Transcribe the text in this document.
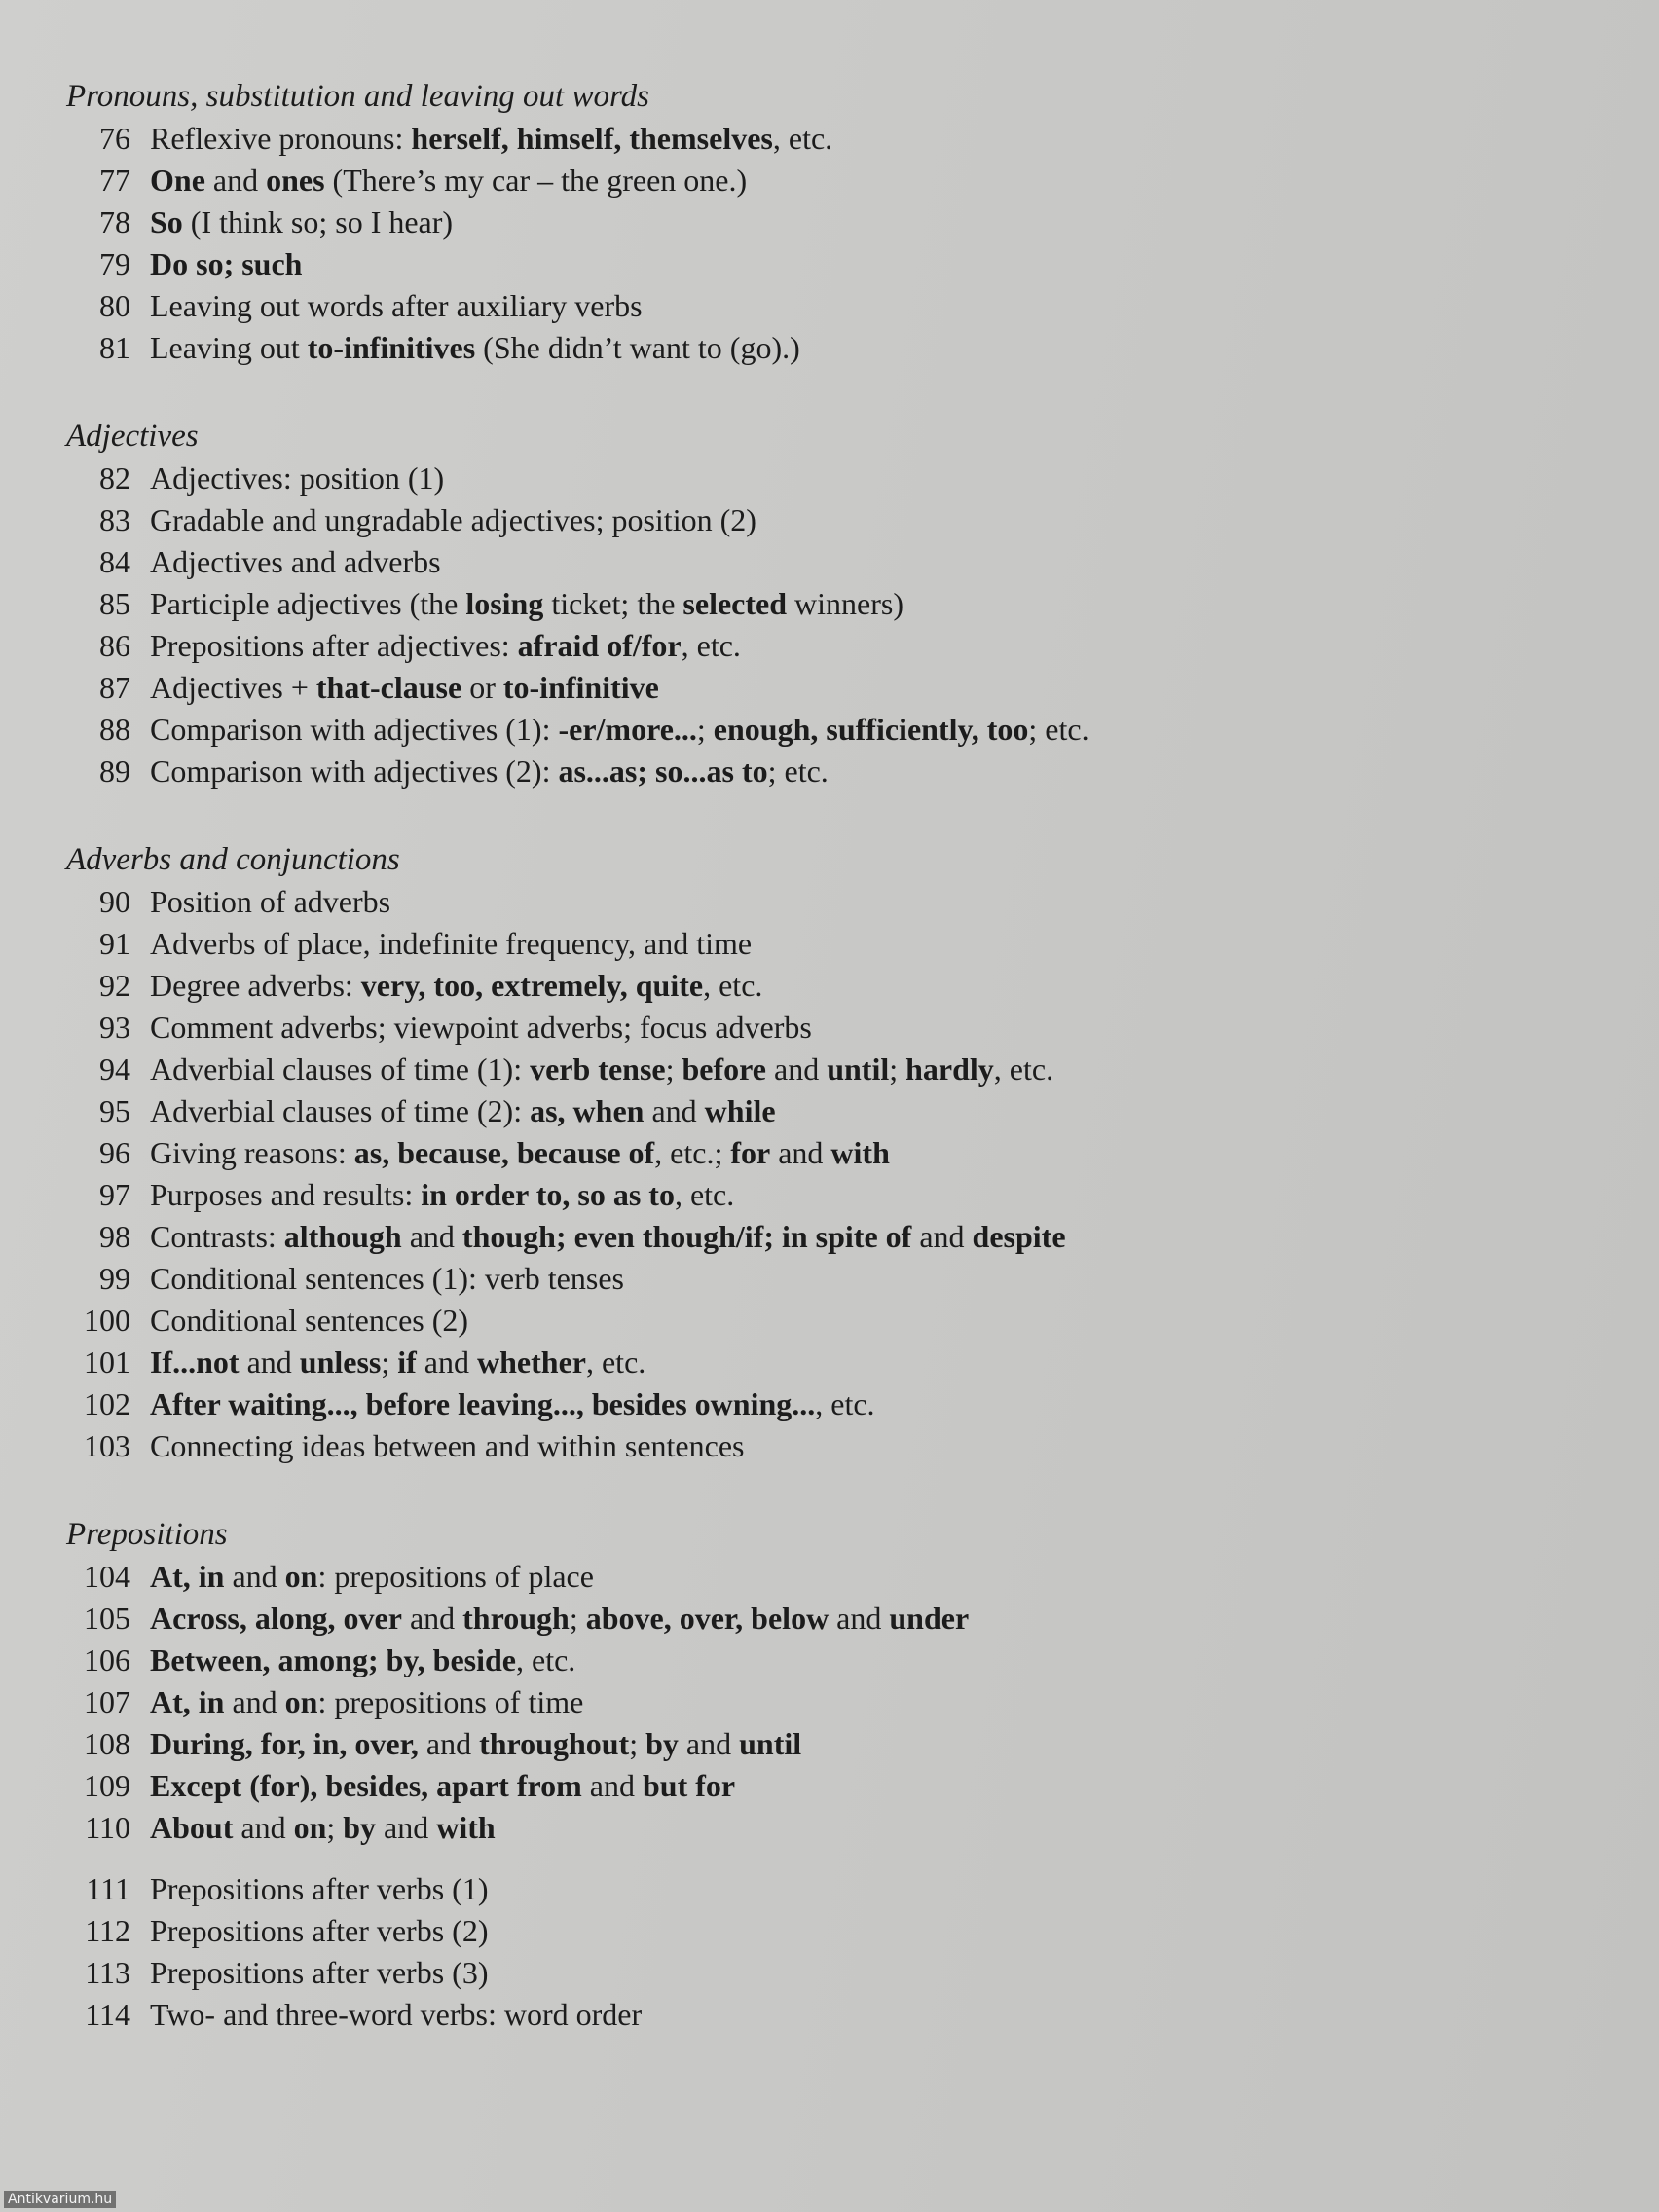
Pronouns, substitution and leaving out words
76 Reflexive pronouns: herself, himself, themselves, etc.
77 One and ones (There’s my car – the green one.)
78 So (I think so; so I hear)
79 Do so; such
80 Leaving out words after auxiliary verbs
81 Leaving out to-infinitives (She didn’t want to (go).)
Adjectives
82 Adjectives: position (1)
83 Gradable and ungradable adjectives; position (2)
84 Adjectives and adverbs
85 Participle adjectives (the losing ticket; the selected winners)
86 Prepositions after adjectives: afraid of/for, etc.
87 Adjectives + that-clause or to-infinitive
88 Comparison with adjectives (1): -er/more...; enough, sufficiently, too; etc.
89 Comparison with adjectives (2): as...as; so...as to; etc.
Adverbs and conjunctions
90 Position of adverbs
91 Adverbs of place, indefinite frequency, and time
92 Degree adverbs: very, too, extremely, quite, etc.
93 Comment adverbs; viewpoint adverbs; focus adverbs
94 Adverbial clauses of time (1): verb tense; before and until; hardly, etc.
95 Adverbial clauses of time (2): as, when and while
96 Giving reasons: as, because, because of, etc.; for and with
97 Purposes and results: in order to, so as to, etc.
98 Contrasts: although and though; even though/if; in spite of and despite
99 Conditional sentences (1): verb tenses
100 Conditional sentences (2)
101 If...not and unless; if and whether, etc.
102 After waiting..., before leaving..., besides owning..., etc.
103 Connecting ideas between and within sentences
Prepositions
104 At, in and on: prepositions of place
105 Across, along, over and through; above, over, below and under
106 Between, among; by, beside, etc.
107 At, in and on: prepositions of time
108 During, for, in, over, and throughout; by and until
109 Except (for), besides, apart from and but for
110 About and on; by and with
111 Prepositions after verbs (1)
112 Prepositions after verbs (2)
113 Prepositions after verbs (3)
114 Two- and three-word verbs: word order
Antikvarium.hu
